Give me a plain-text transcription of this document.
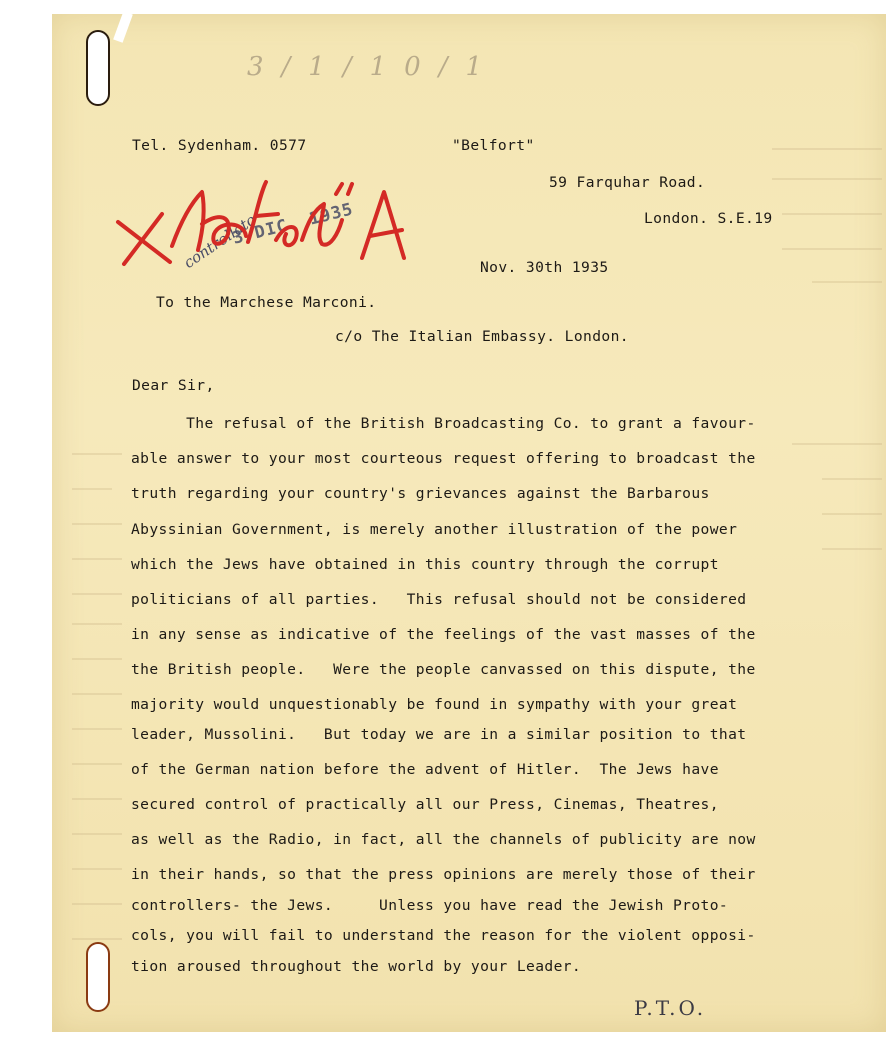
3/1/10/1
Tel. Sydenham. 0577	"Belfort"
59 Farquhar Road.
London. S.E.19
Nov. 30th 1935
To the Marchese Marconi.
c/o The Italian Embassy. London.
Dear Sir,
The refusal of the British Broadcasting Co. to grant a favour-
able answer to your most courteous request offering to broadcast the
truth regarding your country's grievances against the Barbarous
Abyssinian Government, is merely another illustration of the power
which the Jews have obtained in this country through the corrupt
politicians of all parties.   This refusal should not be considered
in any sense as indicative of the feelings of the vast masses of the
the British people.   Were the people canvassed on this dispute, the
majority would unquestionably be found in sympathy with your great
leader, Mussolini.   But today we are in a similar position to that
of the German nation before the advent of Hitler.  The Jews have
secured control of practically all our Press, Cinemas, Theatres,
as well as the Radio, in fact, all the channels of publicity are now
in their hands, so that the press opinions are merely those of their
controllers- the Jews.     Unless you have read the Jewish Proto-
cols, you will fail to understand the reason for the violent opposi-
tion aroused throughout the world by your Leader.
controllato
3 DIC. 1935
P.T.O.
